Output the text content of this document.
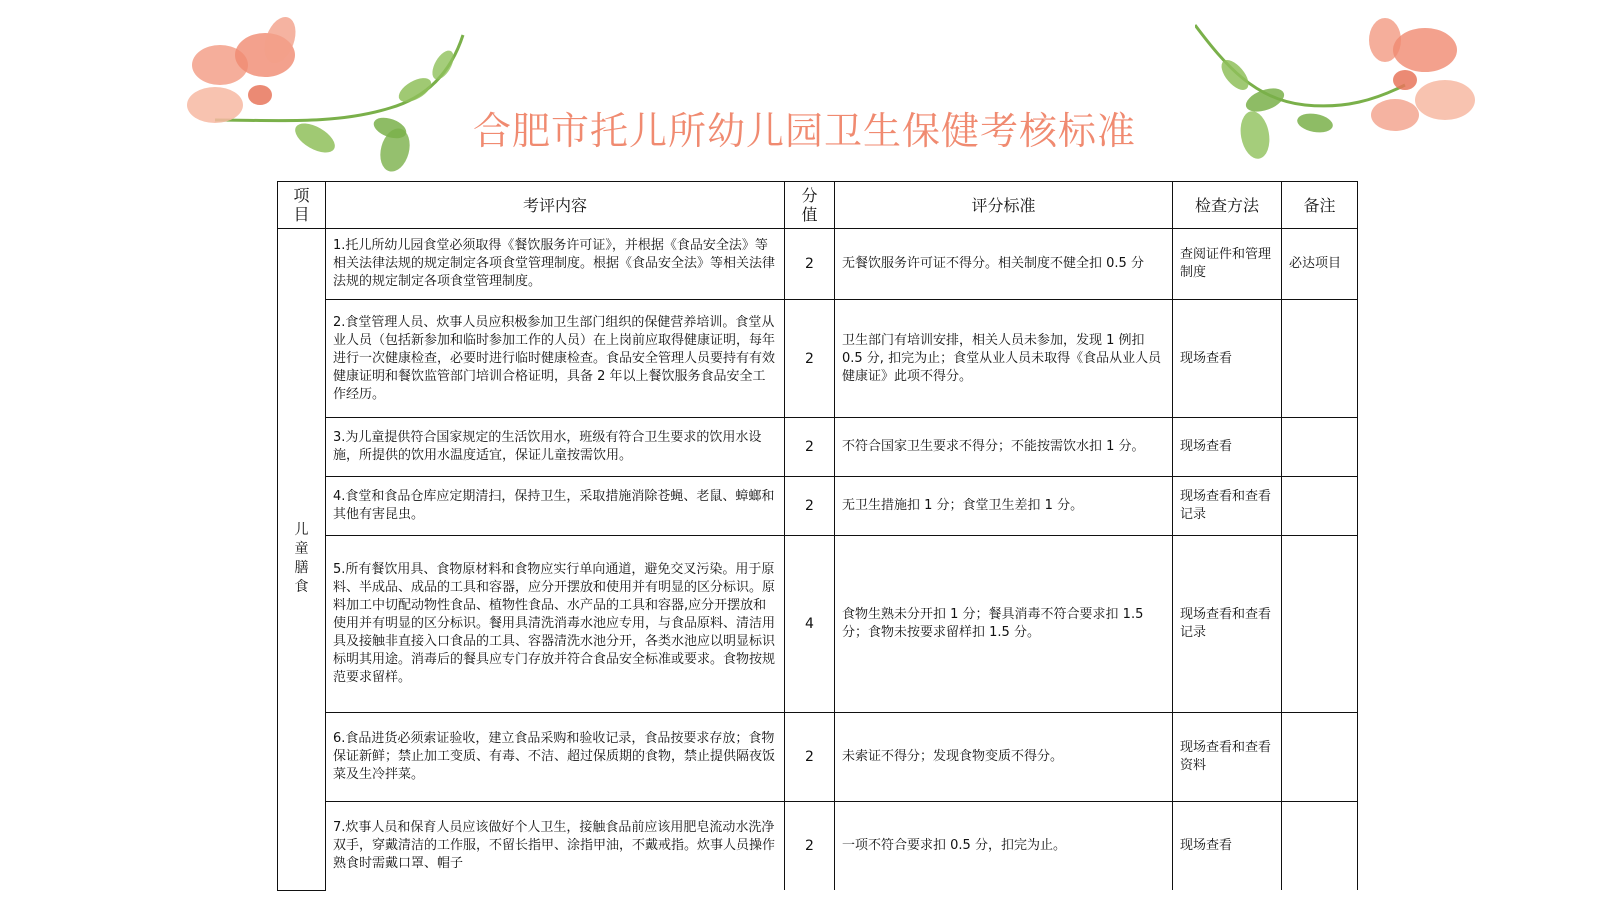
合肥市托儿所幼儿园卫生保健考核标准
项目	考评内容	分值	评分标准	检查方法	备注
儿童膳食	1.托儿所幼儿园食堂必须取得《餐饮服务许可证》，并根据《食品安全法》等相关法律法规的规定制定各项食堂管理制度。根据《食品安全法》等相关法律法规的规定制定各项食堂管理制度。	2	无餐饮服务许可证不得分。相关制度不健全扣 0.5 分	查阅证件和管理制度	必达项目
	2.食堂管理人员、炊事人员应积极参加卫生部门组织的保健营养培训。食堂从业人员（包括新参加和临时参加工作的人员）在上岗前应取得健康证明，每年进行一次健康检查，必要时进行临时健康检查。食品安全管理人员要持有有效健康证明和餐饮监管部门培训合格证明，具备 2 年以上餐饮服务食品安全工作经历。	2	卫生部门有培训安排，相关人员未参加，发现 1 例扣 0.5 分, 扣完为止；食堂从业人员未取得《食品从业人员健康证》此项不得分。	现场查看	
	3.为儿童提供符合国家规定的生活饮用水，班级有符合卫生要求的饮用水设施，所提供的饮用水温度适宜，保证儿童按需饮用。	2	不符合国家卫生要求不得分；不能按需饮水扣 1 分。	现场查看	
	4.食堂和食品仓库应定期清扫，保持卫生，采取措施消除苍蝇、老鼠、蟑螂和其他有害昆虫。	2	无卫生措施扣 1 分；食堂卫生差扣 1 分。	现场查看和查看记录	
	5.所有餐饮用具、食物原材料和食物应实行单向通道，避免交叉污染。用于原料、半成品、成品的工具和容器，应分开摆放和使用并有明显的区分标识。原料加工中切配动物性食品、植物性食品、水产品的工具和容器,应分开摆放和使用并有明显的区分标识。餐用具清洗消毒水池应专用，与食品原料、清洁用具及接触非直接入口食品的工具、容器清洗水池分开，各类水池应以明显标识标明其用途。消毒后的餐具应专门存放并符合食品安全标准或要求。食物按规范要求留样。	4	食物生熟未分开扣 1 分；餐具消毒不符合要求扣 1.5 分；食物未按要求留样扣 1.5 分。	现场查看和查看记录	
	6.食品进货必须索证验收，建立食品采购和验收记录，食品按要求存放；食物保证新鲜；禁止加工变质、有毒、不洁、超过保质期的食物，禁止提供隔夜饭菜及生冷拌菜。	2	未索证不得分；发现食物变质不得分。	现场查看和查看资料	
	7.炊事人员和保育人员应该做好个人卫生，接触食品前应该用肥皂流动水洗净双手，穿戴清洁的工作服，不留长指甲、涂指甲油，不戴戒指。炊事人员操作熟食时需戴口罩、帽子	2	一项不符合要求扣 0.5 分，扣完为止。	现场查看	
